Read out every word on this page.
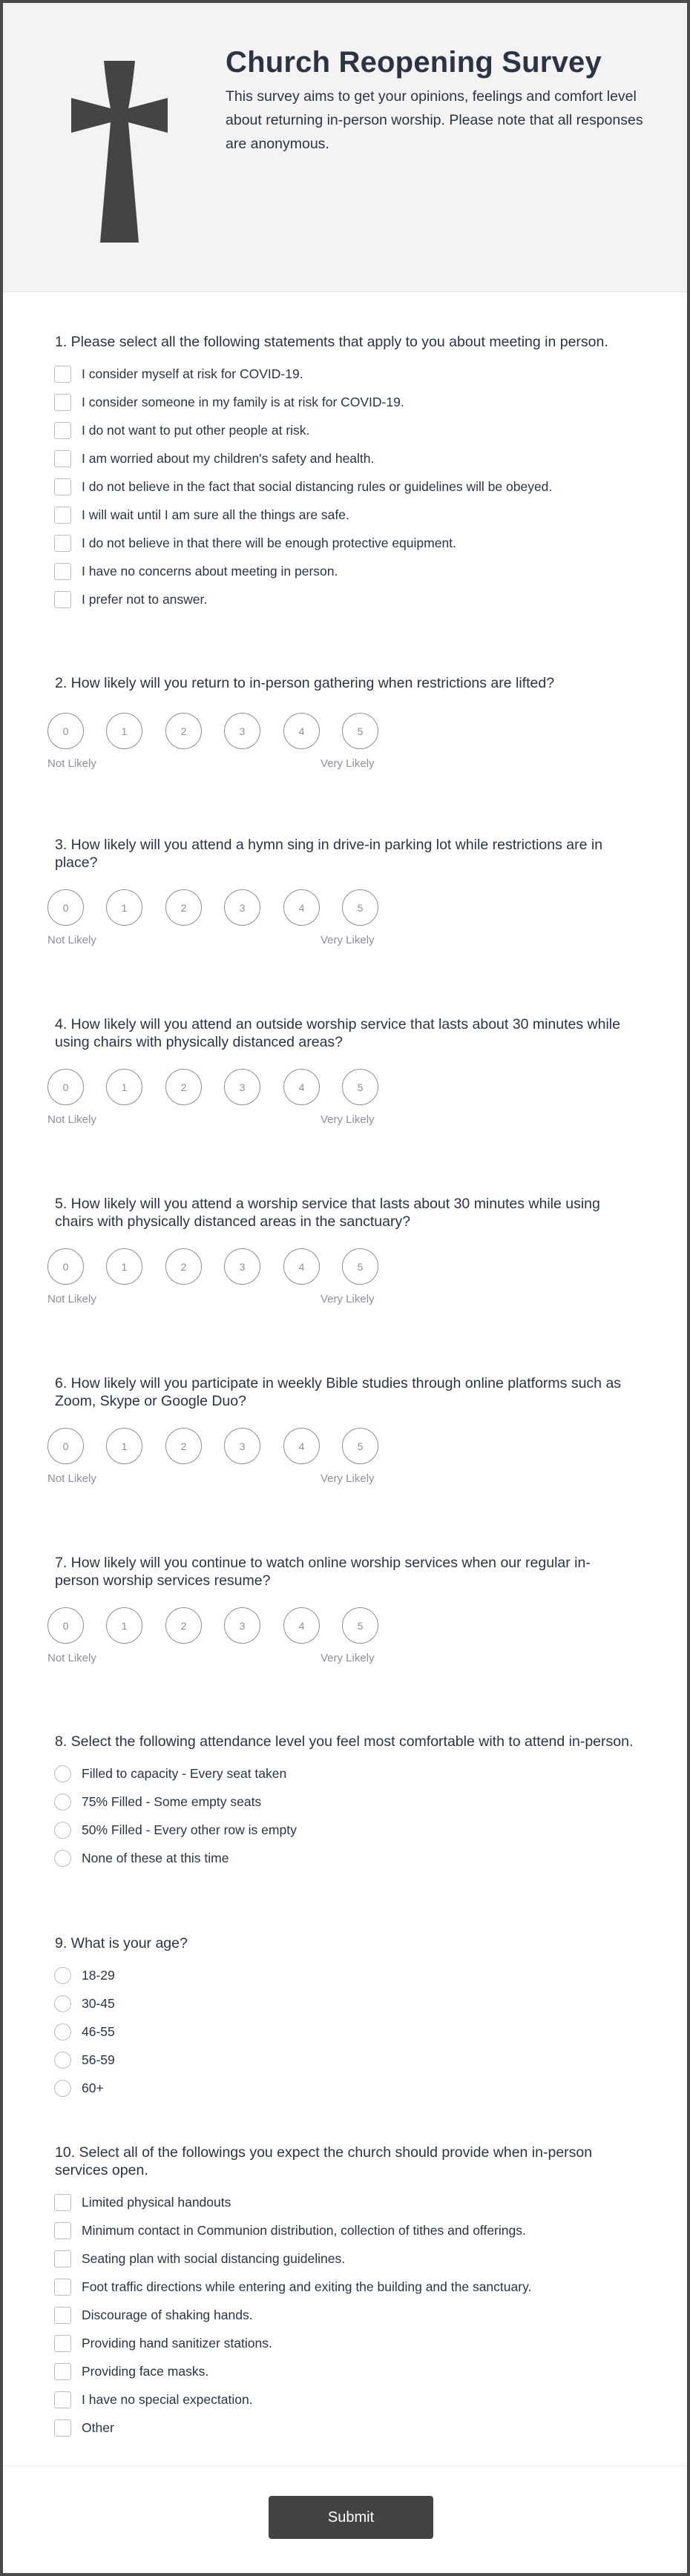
Church Reopening Survey
This survey aims to get your opinions, feelings and comfort level about returning in-person worship. Please note that all responses are anonymous.
1. Please select all the following statements that apply to you about meeting in person.
I consider myself at risk for COVID-19.
I consider someone in my family is at risk for COVID-19.
I do not want to put other people at risk.
I am worried about my children's safety and health.
I do not believe in the fact that social distancing rules or guidelines will be obeyed.
I will wait until I am sure all the things are safe.
I do not believe in that there will be enough protective equipment.
I have no concerns about meeting in person.
I prefer not to answer.
2. How likely will you return to in-person gathering when restrictions are lifted?
0	1	2	3	4	5
Not Likely	Very Likely
3. How likely will you attend a hymn sing in drive-in parking lot while restrictions are in place?
0	1	2	3	4	5
Not Likely	Very Likely
4. How likely will you attend an outside worship service that lasts about 30 minutes while using chairs with physically distanced areas?
0	1	2	3	4	5
Not Likely	Very Likely
5. How likely will you attend a worship service that lasts about 30 minutes while using chairs with physically distanced areas in the sanctuary?
0	1	2	3	4	5
Not Likely	Very Likely
6. How likely will you participate in weekly Bible studies through online platforms such as Zoom, Skype or Google Duo?
0	1	2	3	4	5
Not Likely	Very Likely
7. How likely will you continue to watch online worship services when our regular in-person worship services resume?
0	1	2	3	4	5
Not Likely	Very Likely
8. Select the following attendance level you feel most comfortable with to attend in-person.
Filled to capacity - Every seat taken
75% Filled - Some empty seats
50% Filled - Every other row is empty
None of these at this time
9. What is your age?
18-29
30-45
46-55
56-59
60+
10. Select all of the followings you expect the church should provide when in-person services open.
Limited physical handouts
Minimum contact in Communion distribution, collection of tithes and offerings.
Seating plan with social distancing guidelines.
Foot traffic directions while entering and exiting the building and the sanctuary.
Discourage of shaking hands.
Providing hand sanitizer stations.
Providing face masks.
I have no special expectation.
Other
Submit
